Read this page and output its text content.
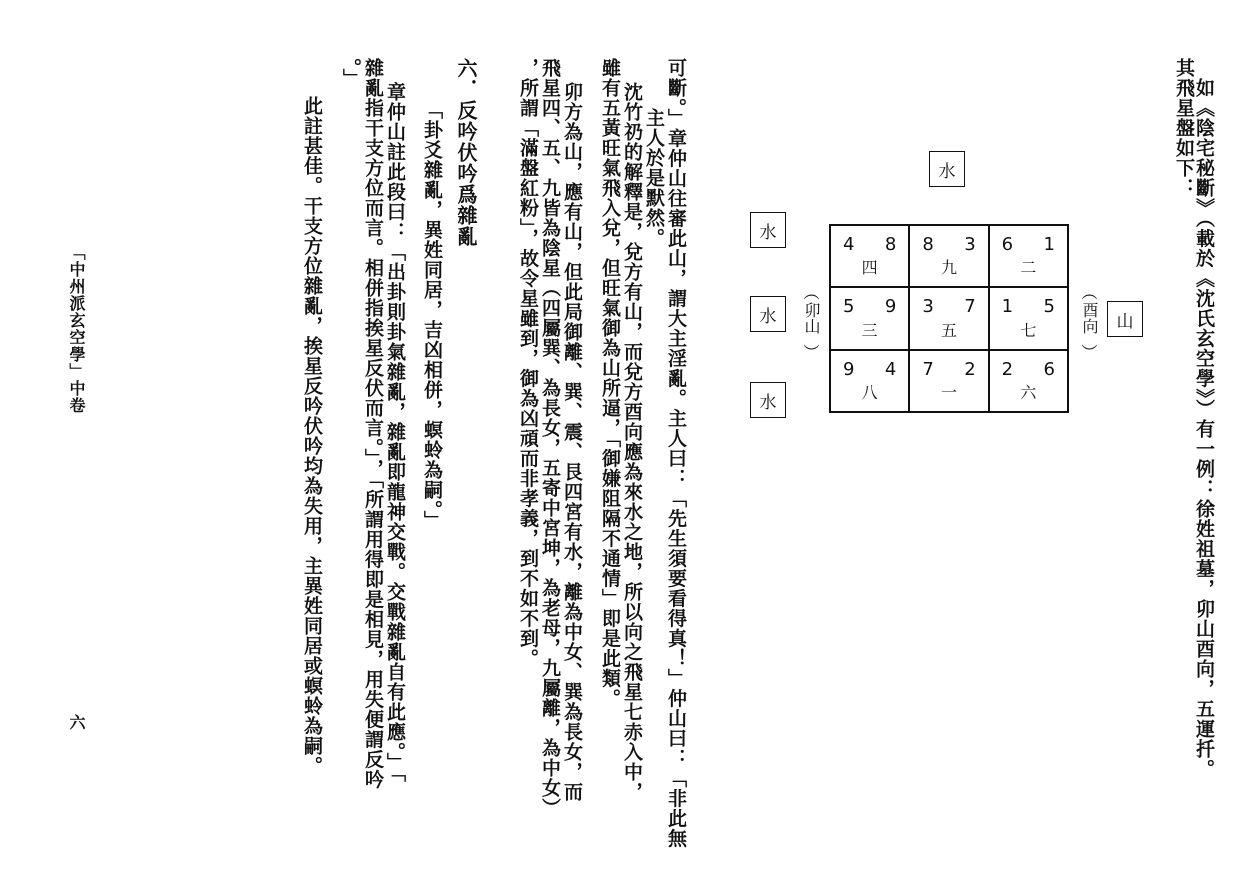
其飛星盤如下：
如《陰宅秘斷》（載於《沈氏玄空學》）有一例：徐姓祖墓，卯山酉向，五運扦。
水
水
水
水
山
（
卯山
）
（
酉向
）
4 8
四
8 3
九
6 1
二
5 9
三
3 7
五
1 5
七
9 4
八
7 2
一
2 6
六
可斷。」章仲山往審此山，謂大主淫亂。主人曰：「先生須要看得真！」仲山曰：「非此無
主人於是默然。
沈竹礽的解釋是，兌方有山，而兌方酉向應為來水之地，所以向之飛星七赤入中，
雖有五黃旺氣飛入兌，但旺氣御為山所逼，「御嫌阻隔不通情」即是此類。
卯方為山，應有山，但此局御離、巽、震、艮四宮有水，離為中女、巽為長女，而
飛星四、五、九皆為陰星（四屬巽、為長女，五寄中宮坤，為老母，九屬離，為中女）
，所謂「滿盤紅粉」，故令星雖到，御為凶頑而非孝義，到不如不到。
六．反吟伏吟爲雜亂
「卦爻雜亂，異姓同居，吉凶相併，螟蛉為嗣。」
章仲山註此段曰：「出卦則卦氣雜亂，雜亂即龍神交戰。交戰雜亂自有此應。」「
雜亂指干支方位而言。相併指挨星反伏而言。」，「所謂用得即是相見，用失便謂反吟
。」
此註甚佳。干支方位雜亂，挨星反吟伏吟均為失用，主異姓同居或螟蛉為嗣。
「中州派玄空學」中卷
六
